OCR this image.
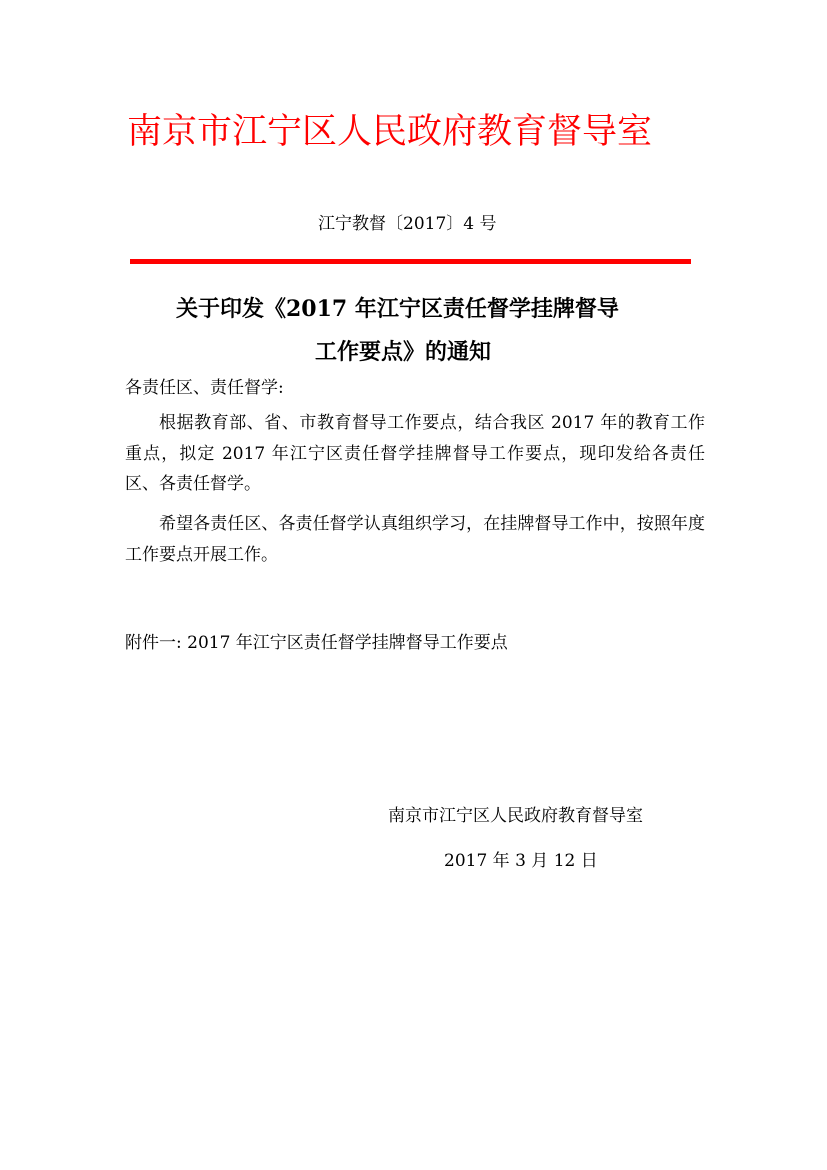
南京市江宁区人民政府教育督导室
江宁教督〔2017〕4 号
关于印发《2017 年江宁区责任督学挂牌督导
工作要点》的通知
各责任区、责任督学:
根据教育部、省、市教育督导工作要点，结合我区 2017 年的教育工作重点，拟定 2017 年江宁区责任督学挂牌督导工作要点，现印发给各责任区、各责任督学。
希望各责任区、各责任督学认真组织学习，在挂牌督导工作中，按照年度工作要点开展工作。
附件一: 2017 年江宁区责任督学挂牌督导工作要点
南京市江宁区人民政府教育督导室
2017 年 3 月 12 日
